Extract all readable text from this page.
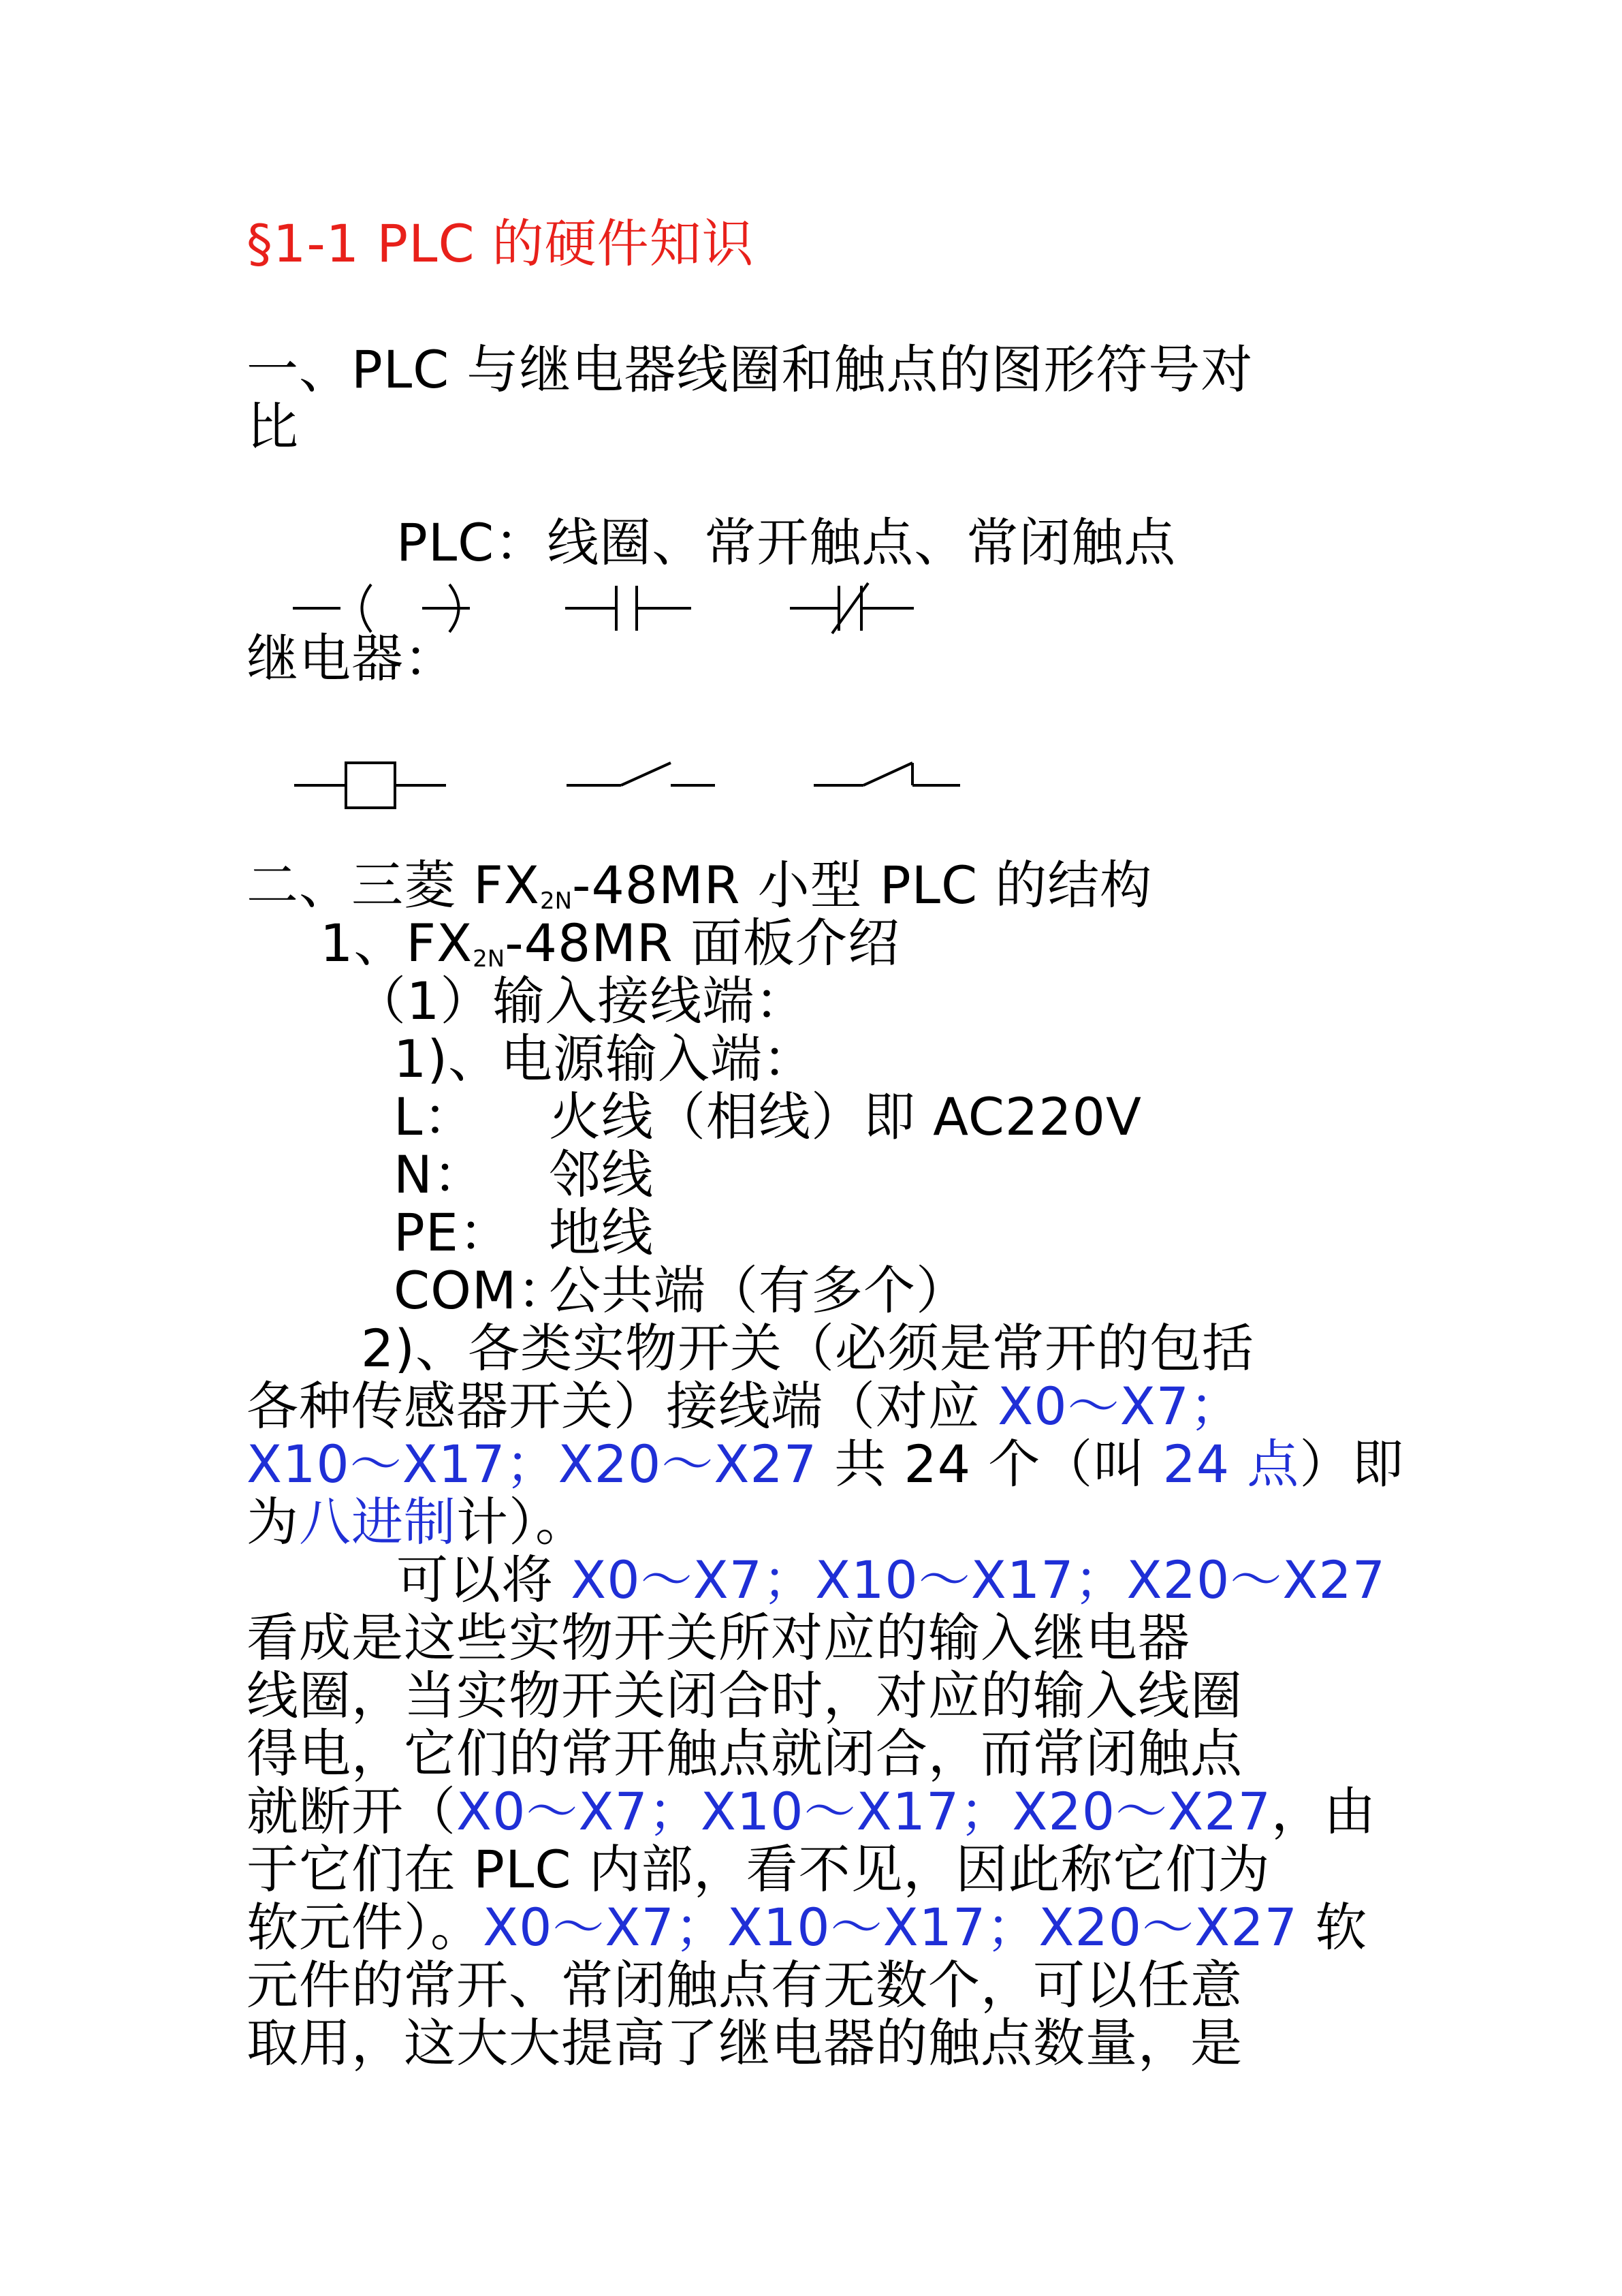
§1-1 PLC 的硬件知识
一、PLC 与继电器线圈和触点的图形符号对
比
PLC：线圈、常开触点、常闭触点
继电器：
二、三菱 $FX_{2N}-48MR$ 小型 PLC 的结构
1、$FX_{2N}-48MR$ 面板介绍
（1）输入接线端：
1)、电源输入端：
L： 火线（相线）即 AC220V
N： 邻线
PE： 地线
COM：公共端（有多个）
2)、各类实物开关（必须是常开的包括
各种传感器开关）接线端（对应 X0～X7；
X10～X17；X20～X27 共 24 个（叫 24 点）即
为八进制计）。
可以将 X0～X7；X10～X17；X20～X27
看成是这些实物开关所对应的输入继电器
线圈，当实物开关闭合时，对应的输入线圈
得电，它们的常开触点就闭合，而常闭触点
就断开（X0～X7；X10～X17；X20～X27，由
于它们在 PLC 内部，看不见，因此称它们为
软元件）。X0～X7；X10～X17；X20～X27 软
元件的常开、常闭触点有无数个，可以任意
取用，这大大提高了继电器的触点数量，是
